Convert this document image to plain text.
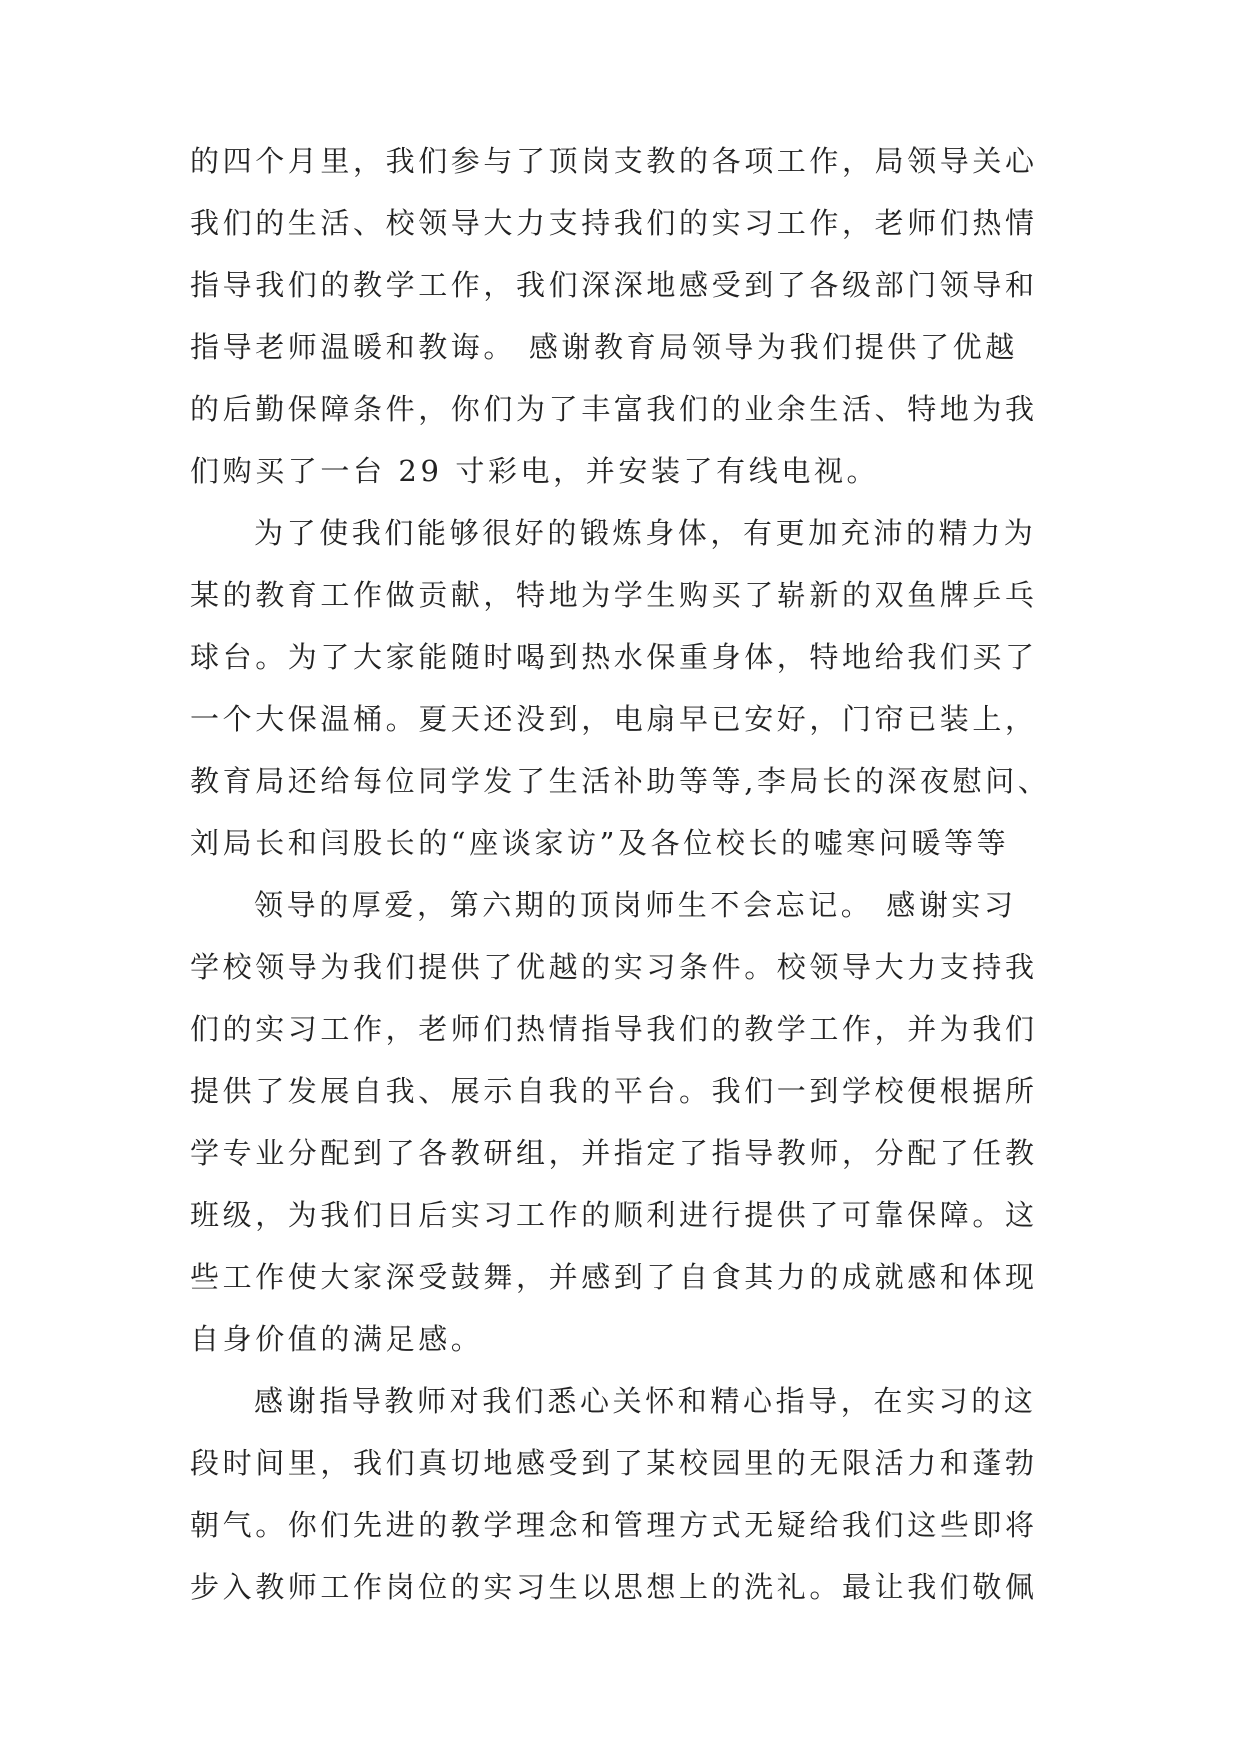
的四个月里，我们参与了顶岗支教的各项工作，局领导关心
我们的生活、校领导大力支持我们的实习工作，老师们热情
指导我们的教学工作，我们深深地感受到了各级部门领导和
指导老师温暖和教诲。 感谢教育局领导为我们提供了优越
的后勤保障条件，你们为了丰富我们的业余生活、特地为我
们购买了一台 29 寸彩电，并安装了有线电视。
为了使我们能够很好的锻炼身体，有更加充沛的精力为
某的教育工作做贡献，特地为学生购买了崭新的双鱼牌乒乓
球台。为了大家能随时喝到热水保重身体，特地给我们买了
一个大保温桶。夏天还没到，电扇早已安好，门帘已装上，
教育局还给每位同学发了生活补助等等,李局长的深夜慰问、
刘局长和闫股长的“座谈家访”及各位校长的嘘寒问暖等等
领导的厚爱，第六期的顶岗师生不会忘记。 感谢实习
学校领导为我们提供了优越的实习条件。校领导大力支持我
们的实习工作，老师们热情指导我们的教学工作，并为我们
提供了发展自我、展示自我的平台。我们一到学校便根据所
学专业分配到了各教研组，并指定了指导教师，分配了任教
班级，为我们日后实习工作的顺利进行提供了可靠保障。这
些工作使大家深受鼓舞，并感到了自食其力的成就感和体现
自身价值的满足感。
感谢指导教师对我们悉心关怀和精心指导，在实习的这
段时间里，我们真切地感受到了某校园里的无限活力和蓬勃
朝气。你们先进的教学理念和管理方式无疑给我们这些即将
步入教师工作岗位的实习生以思想上的洗礼。最让我们敬佩
